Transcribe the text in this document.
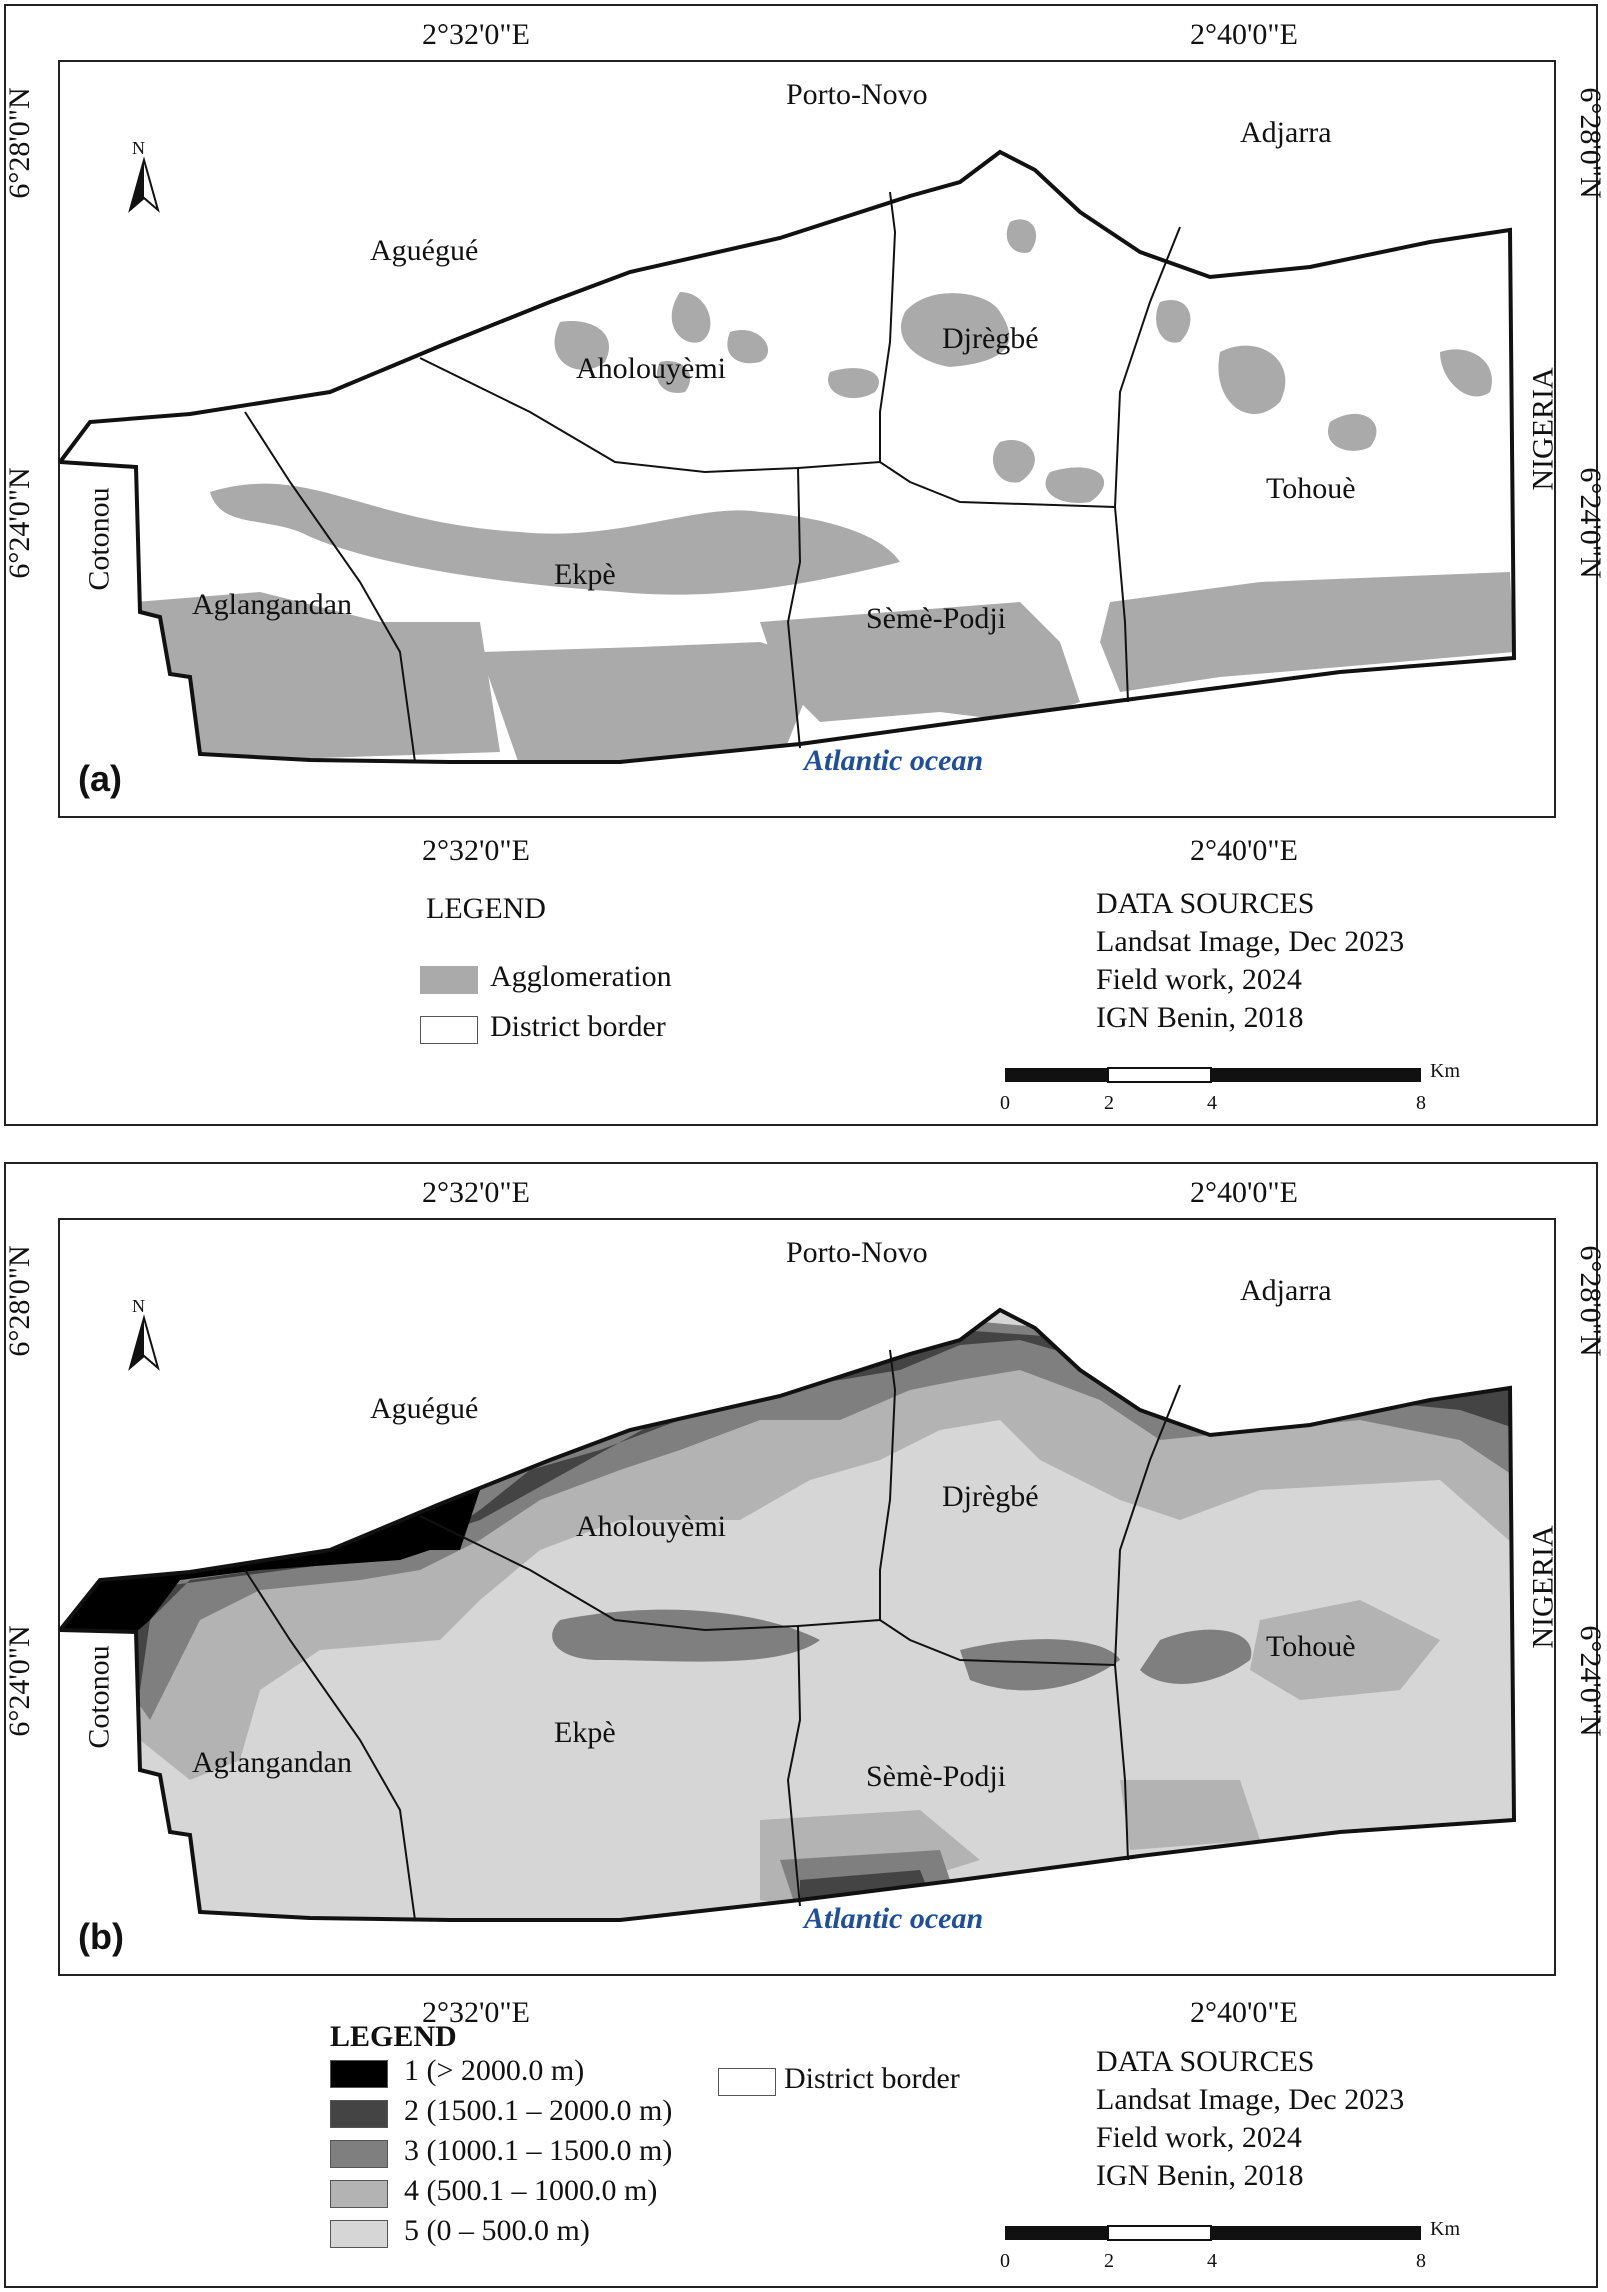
2°32'0"E	2°40'0"E
2°32'0"E	2°40'0"E
6°28'0"N
6°24'0"N
6°28'0"N
6°24'0"N
N
Porto-Novo
Adjarra
Aguégué
Aholouyèmi
Djrègbé
Tohouè
Ekpè
Aglangandan	Sèmè-Podji
Cotonou
NIGERIA
Atlantic ocean
(a)
LEGEND
Agglomeration
District border
DATA SOURCES
Landsat Image, Dec 2023
Field work, 2024
IGN Benin, 2018
0	2	4	8
Km
2°32'0"E	2°40'0"E
2°32'0"E	2°40'0"E
6°28'0"N
6°24'0"N
6°28'0"N
6°24'0"N
N
Porto-Novo
Adjarra
Aguégué
Aholouyèmi
Djrègbé
Tohouè
Ekpè
Aglangandan	Sèmè-Podji
Cotonou
NIGERIA
Atlantic ocean
(b)
LEGEND
1 (> 2000.0 m)
2 (1500.1 – 2000.0 m)
3 (1000.1 – 1500.0 m)
4 (500.1 – 1000.0 m)
5 (0 – 500.0 m)
District border
DATA SOURCES
Landsat Image, Dec 2023
Field work, 2024
IGN Benin, 2018
0	2	4	8
Km
